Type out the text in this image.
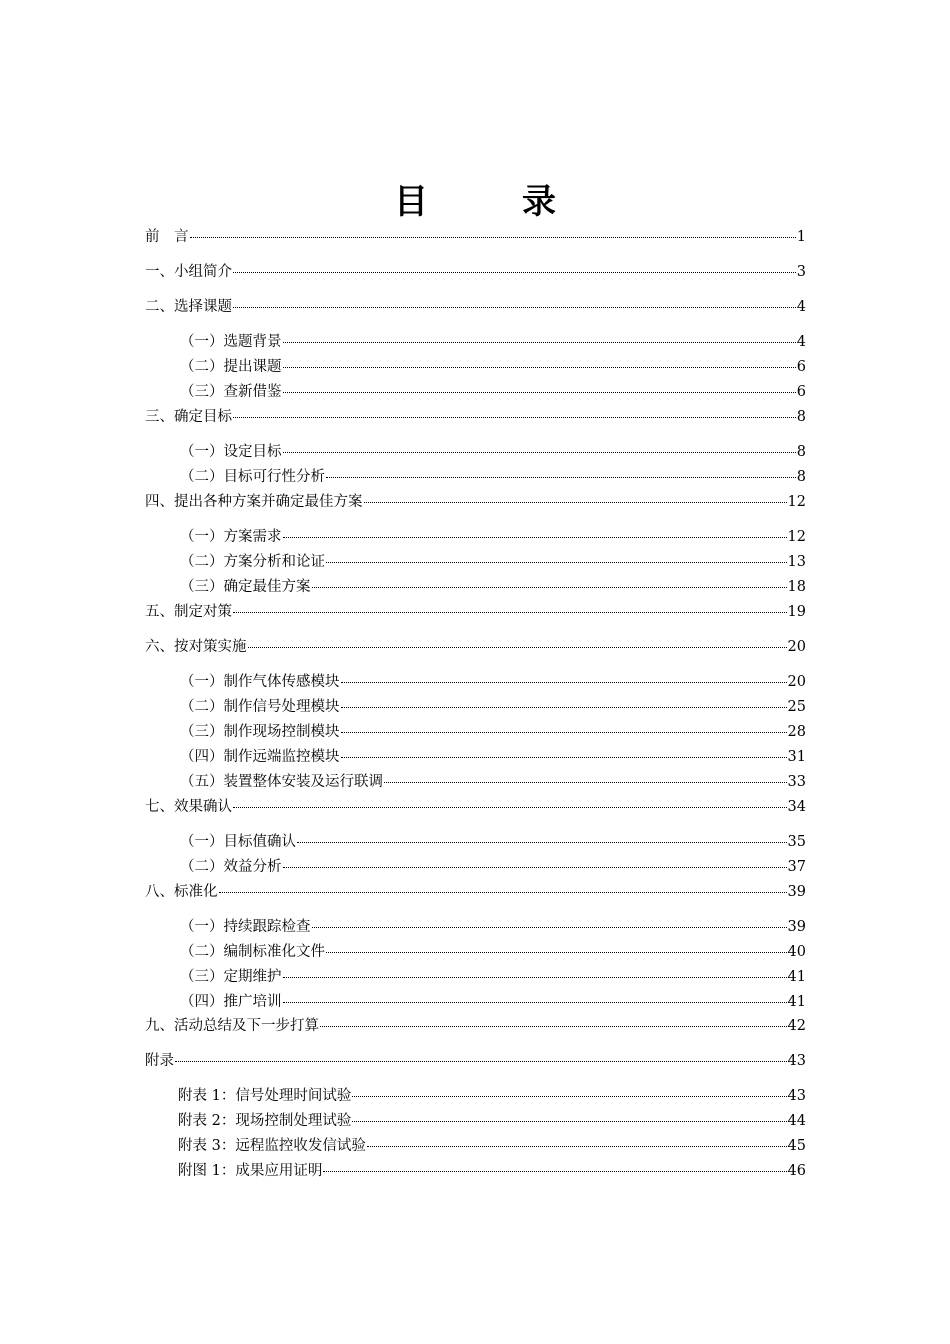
目　录
前　言	1
一、小组简介	3
二、选择课题	4
（一）选题背景	4
（二）提出课题	6
（三）查新借鉴	6
三、确定目标	8
（一）设定目标	8
（二）目标可行性分析	8
四、提出各种方案并确定最佳方案	12
（一）方案需求	12
（二）方案分析和论证	13
（三）确定最佳方案	18
五、制定对策	19
六、按对策实施	20
（一）制作气体传感模块	20
（二）制作信号处理模块	25
（三）制作现场控制模块	28
（四）制作远端监控模块	31
（五）装置整体安装及运行联调	33
七、效果确认	34
（一）目标值确认	35
（二）效益分析	37
八、标准化	39
（一）持续跟踪检查	39
（二）编制标准化文件	40
（三）定期维护	41
（四）推广培训	41
九、活动总结及下一步打算	42
附录	43
附表 1：信号处理时间试验	43
附表 2：现场控制处理试验	44
附表 3：远程监控收发信试验	45
附图 1：成果应用证明	46
